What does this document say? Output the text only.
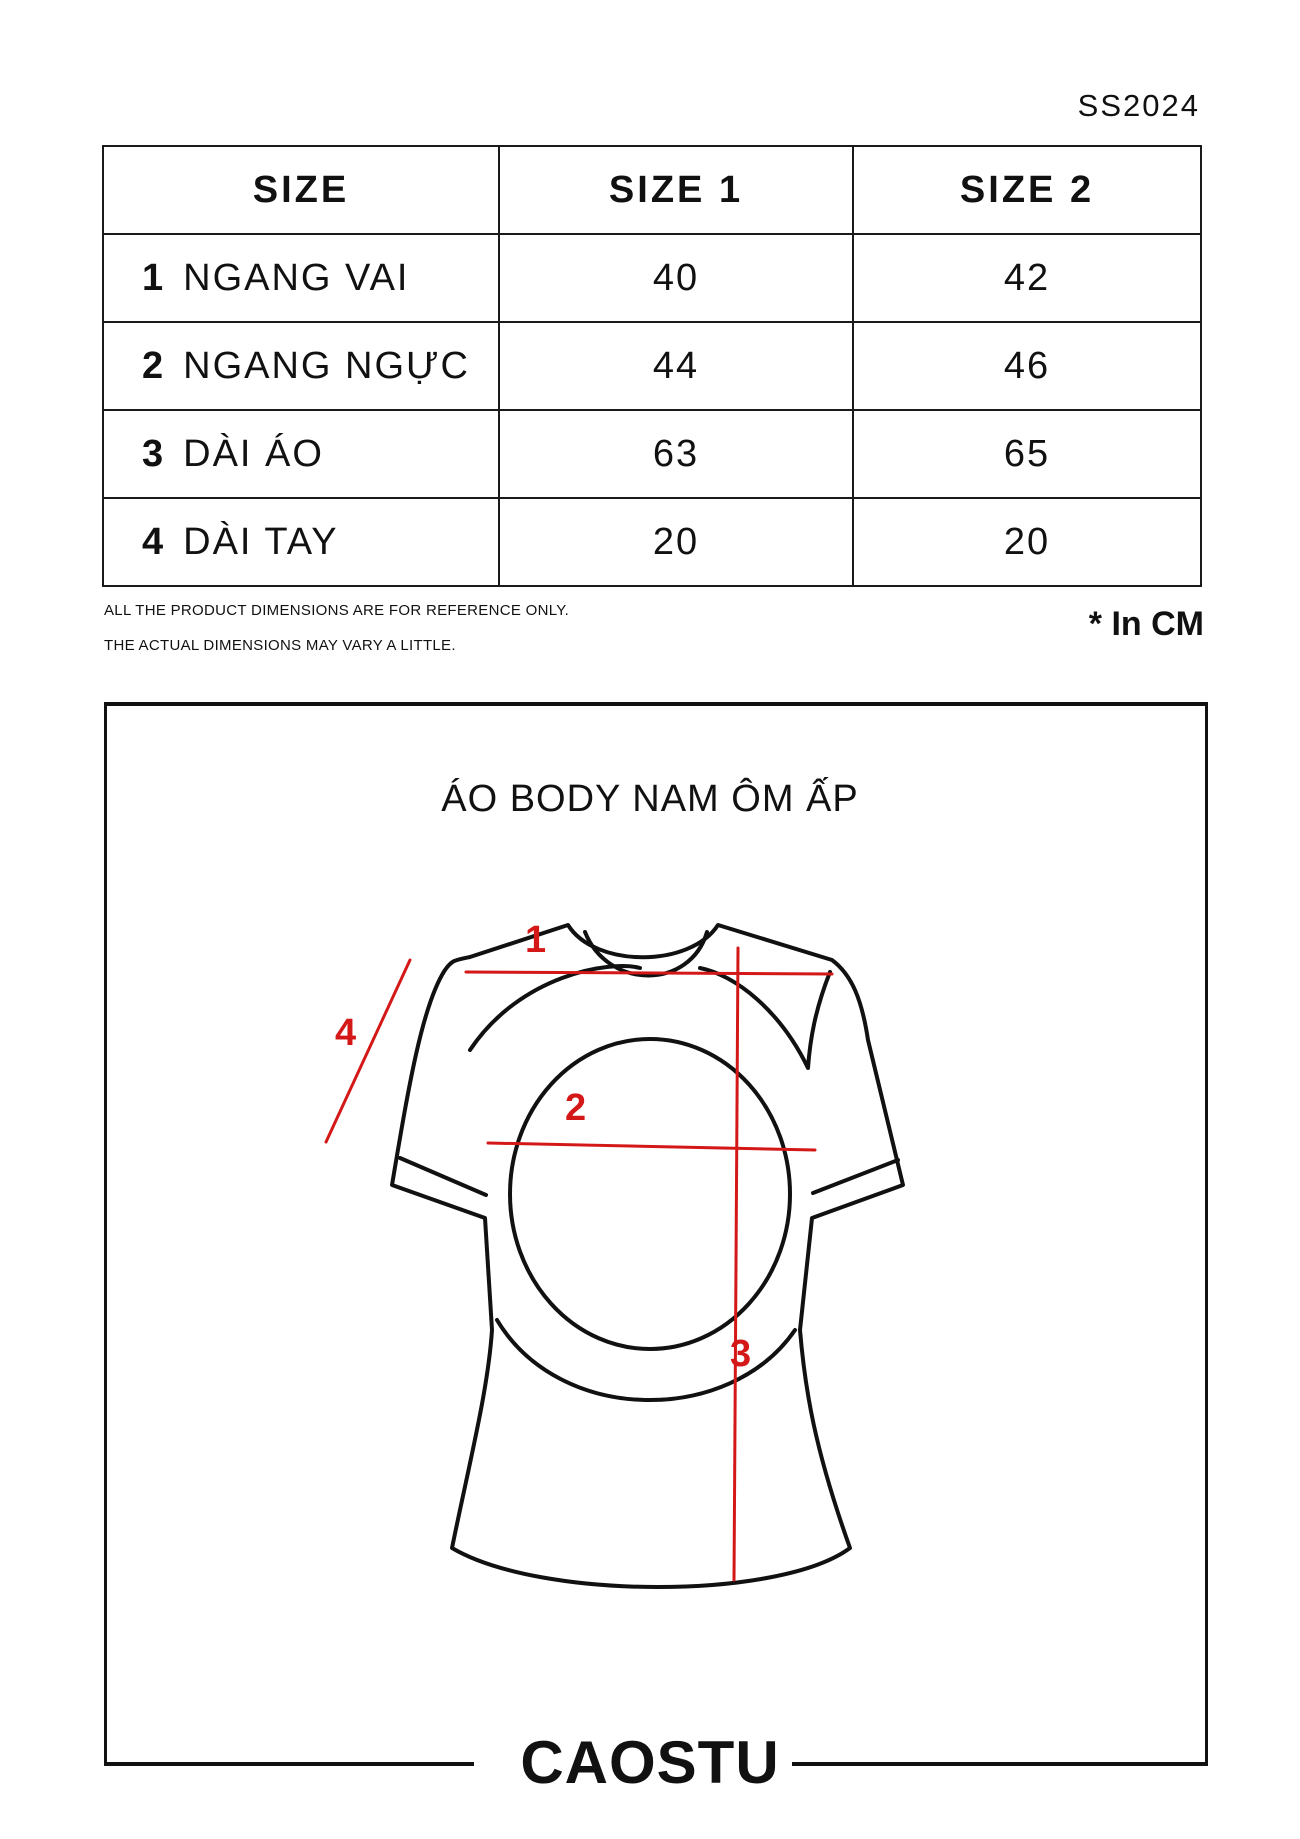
SS2024
SIZE	SIZE 1	SIZE 2
1 NGANG VAI	40	42
2 NGANG NGỰC	44	46
3 DÀI ÁO	63	65
4 DÀI TAY	20	20
ALL THE PRODUCT DIMENSIONS ARE FOR REFERENCE ONLY.
THE ACTUAL DIMENSIONS MAY VARY A LITTLE.
* In CM
ÁO BODY NAM ÔM ẤP
1
2
3
4
CAOSTU
